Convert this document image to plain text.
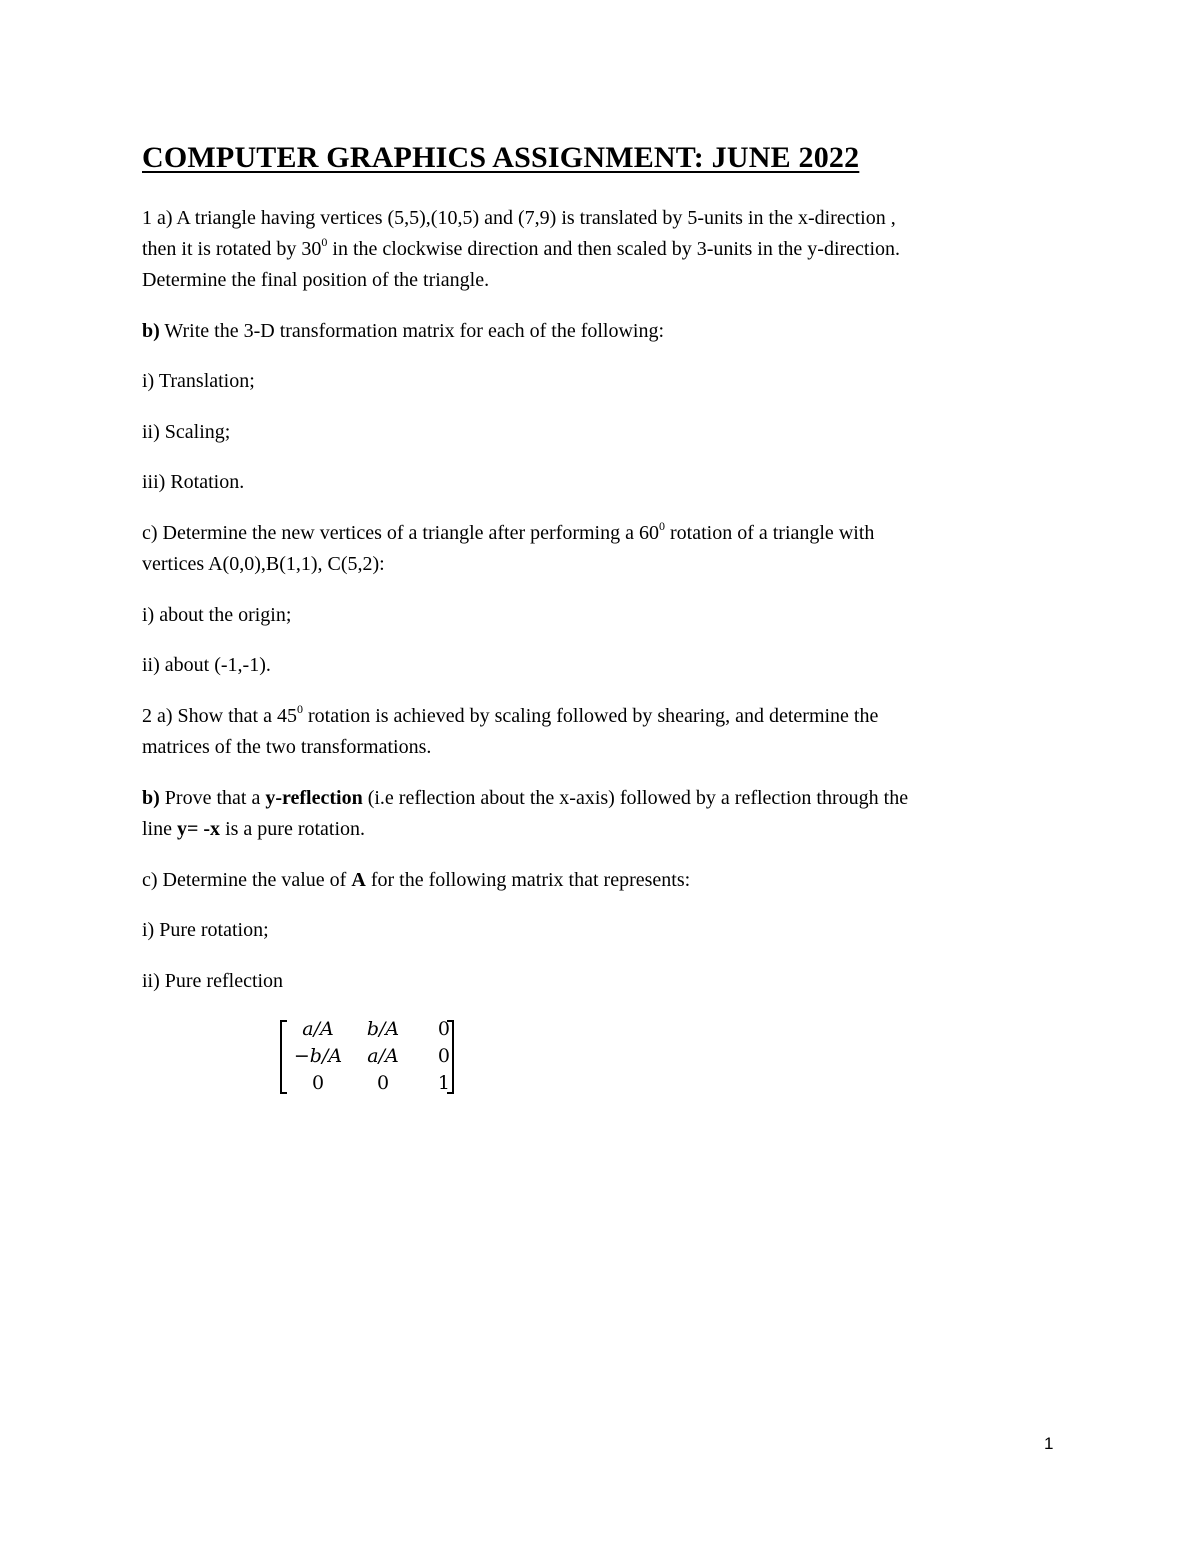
COMPUTER GRAPHICS ASSIGNMENT: JUNE 2022
1 a) A triangle having vertices (5,5),(10,5) and (7,9) is translated by 5-units in the x-direction ,
then it is rotated by $30^0$ in the clockwise direction and then scaled by 3-units in the y-direction.
Determine the final position of the triangle.
b) Write the 3-D transformation matrix for each of the following:
i) Translation;
ii) Scaling;
iii) Rotation.
c) Determine the new vertices of a triangle after performing a $60^0$ rotation of a triangle with
vertices A(0,0),B(1,1), C(5,2):
i) about the origin;
ii) about (-1,-1).
2 a) Show that a $45^0$ rotation is achieved by scaling followed by shearing, and determine the
matrices of the two transformations.
b) Prove that a y-reflection (i.e reflection about the x-axis) followed by a reflection through the
line y= -x is a pure rotation.
c) Determine the value of A for the following matrix that represents:
i) Pure rotation;
ii) Pure reflection
a/A	b/A	0
−b/A	a/A	0
0	0	1
1
